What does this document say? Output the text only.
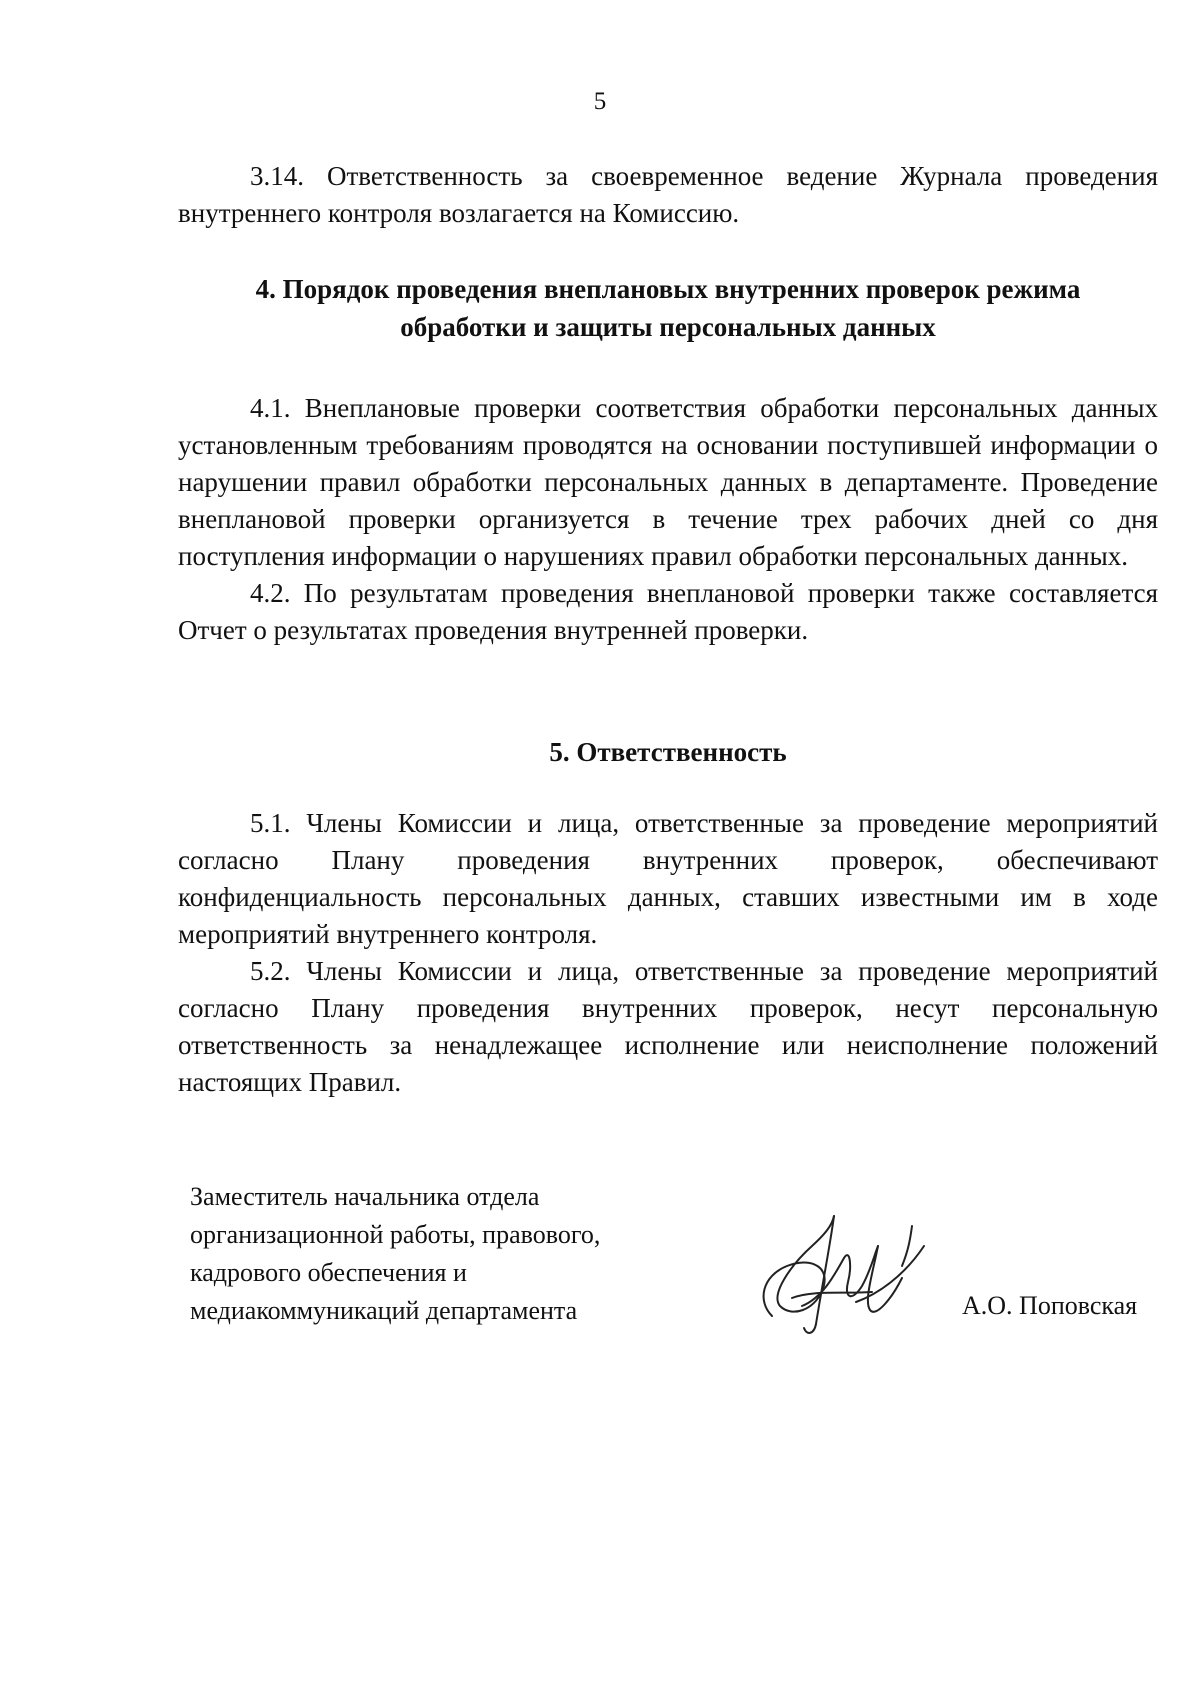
5

3.14. Ответственность за своевременное ведение Журнала проведения внутреннего контроля возлагается на Комиссию.

4. Порядок проведения внеплановых внутренних проверок режима
обработки и защиты персональных данных

4.1. Внеплановые проверки соответствия обработки персональных данных установленным требованиям проводятся на основании поступившей информации о нарушении правил обработки персональных данных в департаменте. Проведение внеплановой проверки организуется в течение трех рабочих дней со дня поступления информации о нарушениях правил обработки персональных данных.

4.2. По результатам проведения внеплановой проверки также составляется Отчет о результатах проведения внутренней проверки.

5. Ответственность

5.1. Члены Комиссии и лица, ответственные за проведение мероприятий согласно Плану проведения внутренних проверок, обеспечивают конфиденциальность персональных данных, ставших известными им в ходе мероприятий внутреннего контроля.

5.2. Члены Комиссии и лица, ответственные за проведение мероприятий согласно Плану проведения внутренних проверок, несут персональную ответственность за ненадлежащее исполнение или неисполнение положений настоящих Правил.

Заместитель начальника отдела
организационной работы, правового,
кадрового обеспечения и
медиакоммуникаций департамента	А.О. Поповская
